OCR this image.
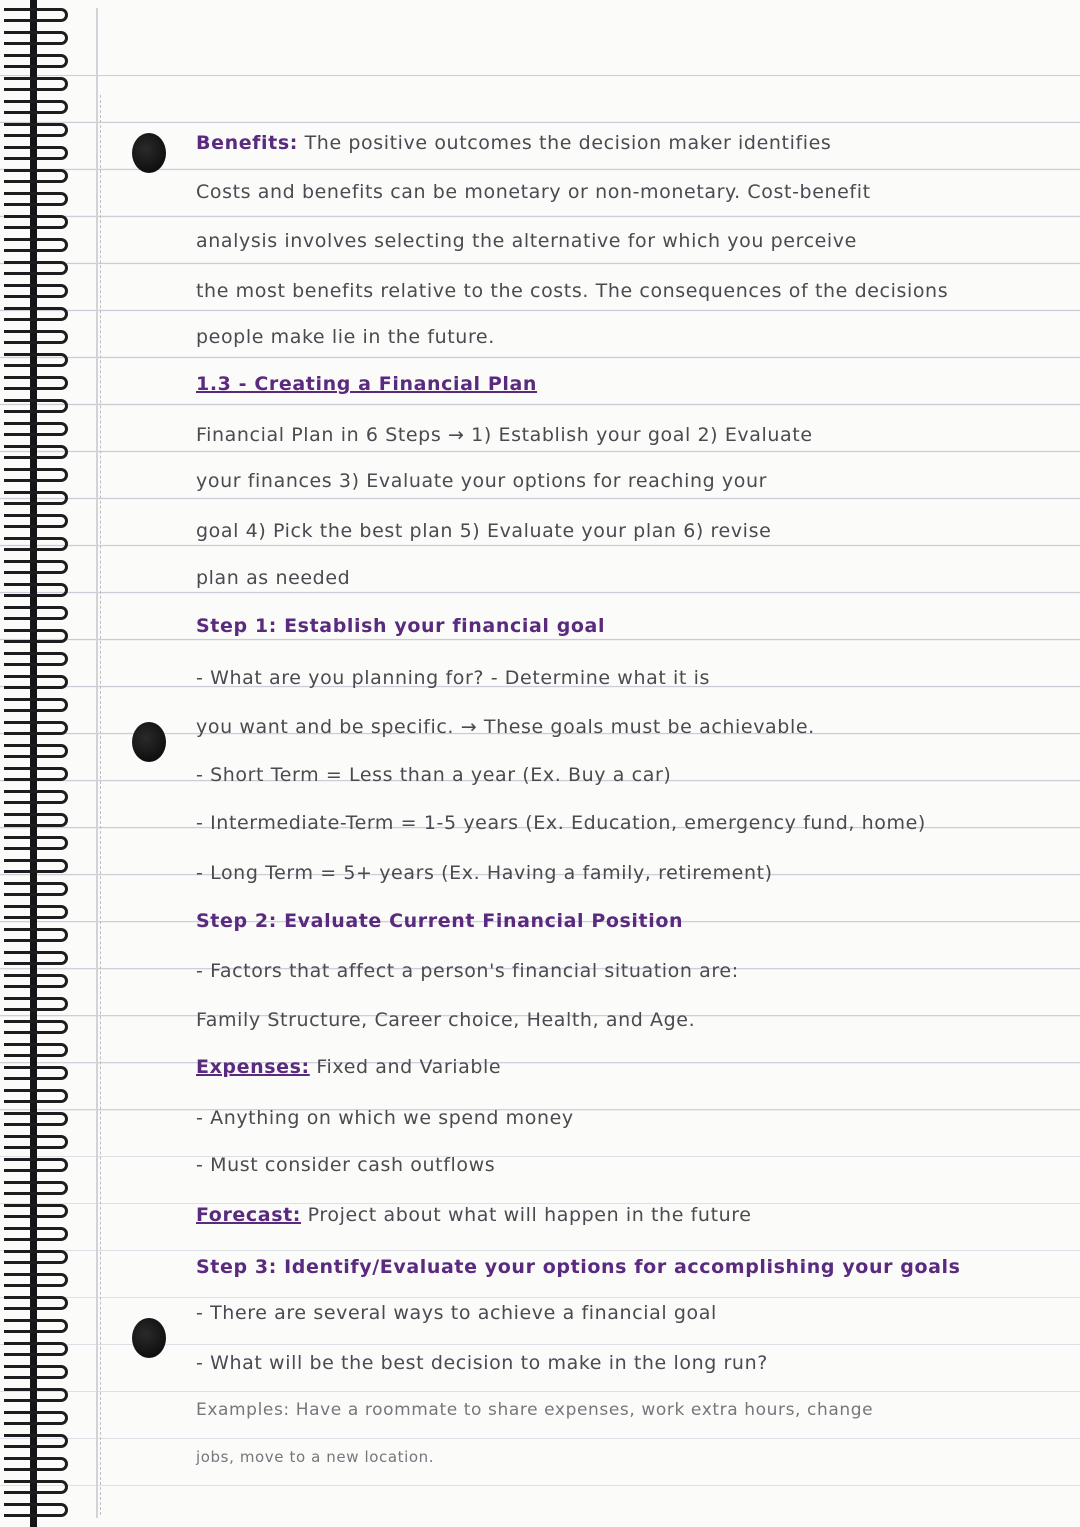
Benefits: The positive outcomes the decision maker identifies
Costs and benefits can be monetary or non-monetary. Cost-benefit
analysis involves selecting the alternative for which you perceive
the most benefits relative to the costs. The consequences of the decisions
people make lie in the future.
1.3 - Creating a Financial Plan
Financial Plan in 6 Steps → 1) Establish your goal 2) Evaluate
your finances 3) Evaluate your options for reaching your
goal 4) Pick the best plan 5) Evaluate your plan 6) revise
plan as needed
Step 1: Establish your financial goal
- What are you planning for? - Determine what it is
you want and be specific. → These goals must be achievable.
- Short Term = Less than a year (Ex. Buy a car)
- Intermediate-Term = 1-5 years (Ex. Education, emergency fund, home)
- Long Term = 5+ years (Ex. Having a family, retirement)
Step 2: Evaluate Current Financial Position
- Factors that affect a person's financial situation are:
Family Structure, Career choice, Health, and Age.
Expenses: Fixed and Variable
- Anything on which we spend money
- Must consider cash outflows
Forecast: Project about what will happen in the future
Step 3: Identify/Evaluate your options for accomplishing your goals
- There are several ways to achieve a financial goal
- What will be the best decision to make in the long run?
Examples: Have a roommate to share expenses, work extra hours, change
jobs, move to a new location.
